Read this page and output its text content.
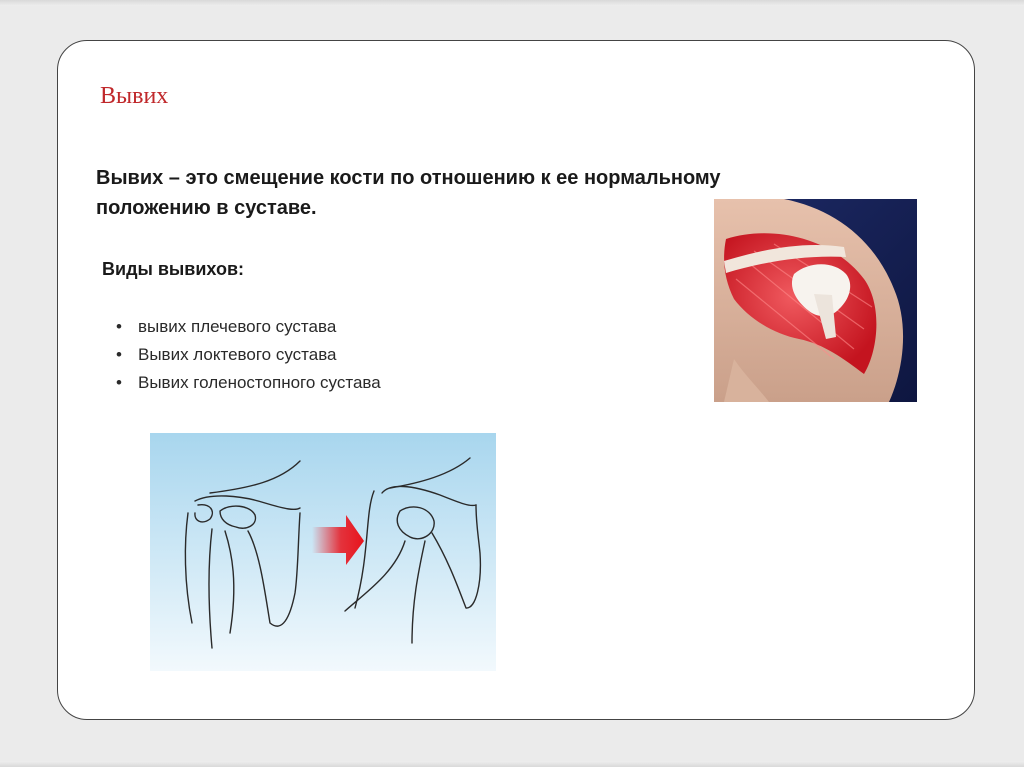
Вывих

Вывих – это смещение кости по отношению к ее нормальному положению в суставе.

Виды вывихов:
• вывих плечевого сустава
• Вывих локтевого сустава
• Вывих голеностопного сустава
